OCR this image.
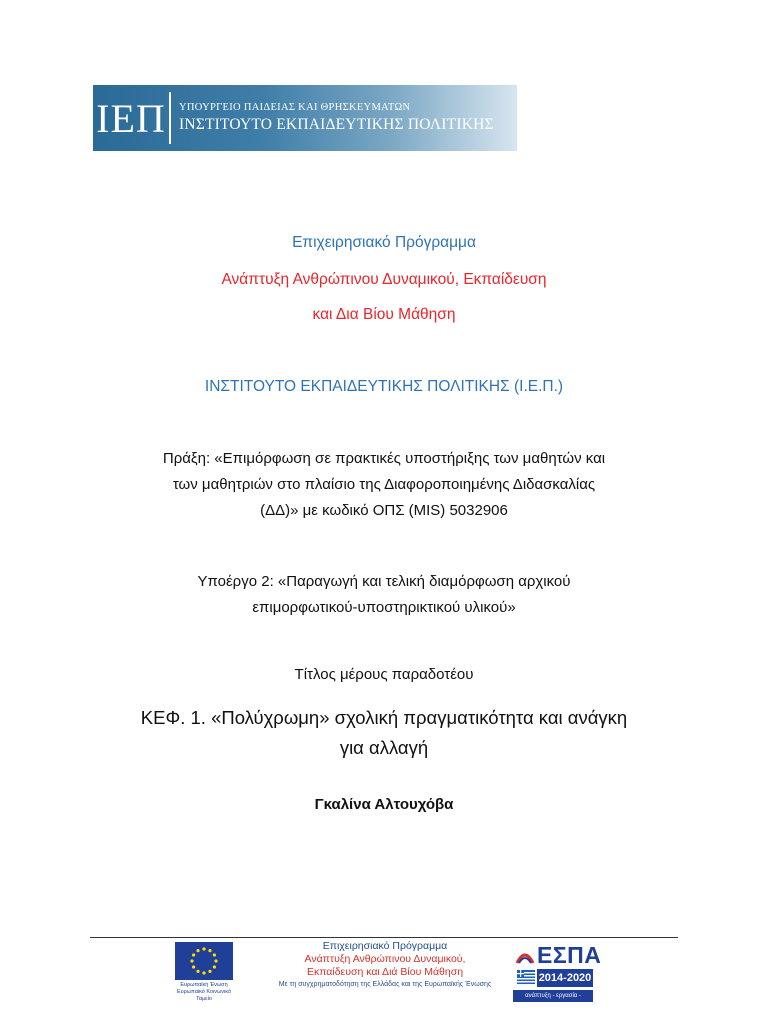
ΙΕΠ	ΥΠΟΥΡΓΕΙΟ ΠΑΙΔΕΙΑΣ ΚΑΙ ΘΡΗΣΚΕΥΜΑΤΩΝ
ΙΝΣΤΙΤΟΥΤΟ ΕΚΠΑΙΔΕΥΤΙΚΗΣ ΠΟΛΙΤΙΚΗΣ
Επιχειρησιακό Πρόγραμμα
Ανάπτυξη Ανθρώπινου Δυναμικού, Εκπαίδευση
και Δια Βίου Μάθηση
ΙΝΣΤΙΤΟΥΤΟ ΕΚΠΑΙΔΕΥΤΙΚΗΣ ΠΟΛΙΤΙΚΗΣ (Ι.Ε.Π.)
Πράξη: «Επιμόρφωση σε πρακτικές υποστήριξης των μαθητών και
των μαθητριών στο πλαίσιο της Διαφοροποιημένης Διδασκαλίας
(ΔΔ)» με κωδικό ΟΠΣ (MIS) 5032906
Υποέργο 2: «Παραγωγή και τελική διαμόρφωση αρχικού
επιμορφωτικού-υποστηρικτικού υλικού»
Τίτλος μέρους παραδοτέου
ΚΕΦ. 1. «Πολύχρωμη» σχολική πραγματικότητα και ανάγκη
για αλλαγή
Γκαλίνα Αλτουχόβα
Ευρωπαϊκή Ένωση
Ευρωπαϊκό Κοινωνικό Ταμείο
Επιχειρησιακό Πρόγραμμα
Ανάπτυξη Ανθρώπινου Δυναμικού,
Εκπαίδευση και Διά Βίου Μάθηση
Με τη συγχρηματοδότηση της Ελλάδας και της Ευρωπαϊκής Ένωσης
ΕΣΠΑ
2014-2020
ανάπτυξη - εργασία - αλληλεγγύη
